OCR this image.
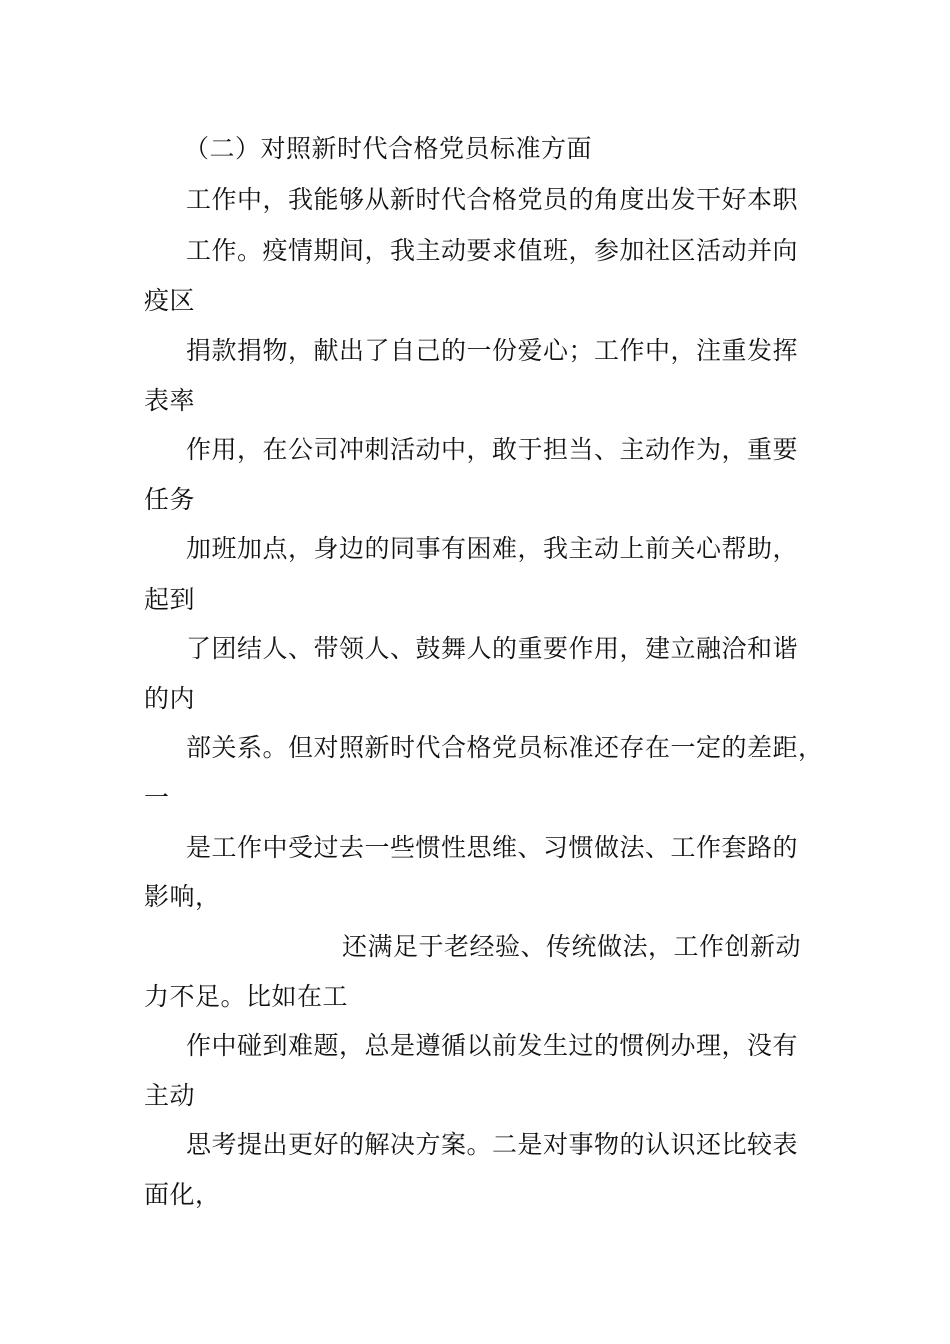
（二）对照新时代合格党员标准方面
工作中，我能够从新时代合格党员的角度出发干好本职
工作。疫情期间，我主动要求值班，参加社区活动并向
疫区
捐款捐物，献出了自己的一份爱心；工作中，注重发挥
表率
作用，在公司冲刺活动中，敢于担当、主动作为，重要
任务
加班加点，身边的同事有困难，我主动上前关心帮助，
起到
了团结人、带领人、鼓舞人的重要作用，建立融洽和谐
的内
部关系。但对照新时代合格党员标准还存在一定的差距，
一
是工作中受过去一些惯性思维、习惯做法、工作套路的
影响，
还满足于老经验、传统做法，工作创新动
力不足。比如在工
作中碰到难题，总是遵循以前发生过的惯例办理，没有
主动
思考提出更好的解决方案。二是对事物的认识还比较表
面化，
